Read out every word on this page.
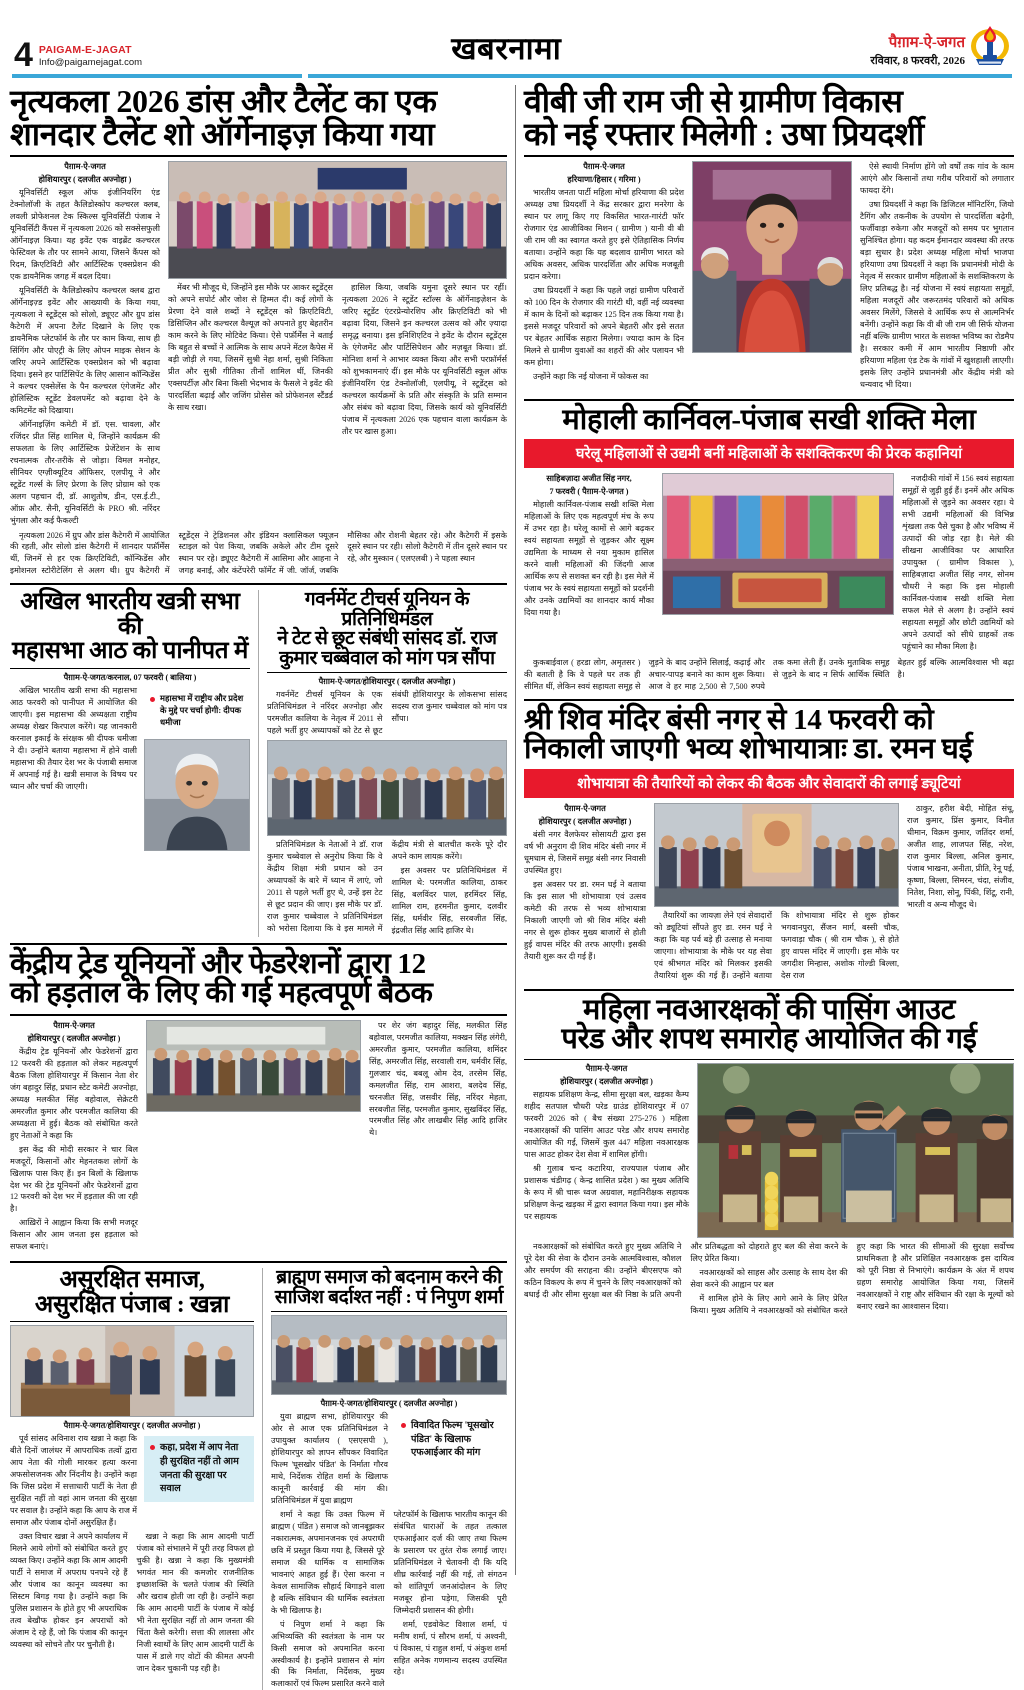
4 PAIGAM-E-JAGAT
Info@paigamejagat.com	खबरनामा	पैग़ाम-ऐ-जगत
रविवार, 8 फरवरी, 2026
नृत्यकला 2026 डांस और टैलेंट का एक
शानदार टैलेंट शो ऑर्गेनाइज़ किया गया
पैग़ाम-ऐ-जगत
होशियारपुर ( दलजीत अज्नोहा )
यूनिवर्सिटी स्कूल ऑफ इंजीनियरिंग एंड टेक्नोलॉजी के तहत कैलिडोस्कोप कल्चरल क्लब, लवली प्रोफेशनल टेक स्किल्स यूनिवर्सिटी पंजाब ने यूनिवर्सिटी कैंपस में नृत्यकला 2026 को सक्सेसफुली ऑर्गेनाइज़ किया। यह इवेंट एक वाइब्रेंट कल्चरल फेस्टिवल के तौर पर सामने आया, जिसने कैंपस को रिदम, क्रिएटिविटी और आर्टिस्टिक एक्सप्रेशन की एक डायनैमिक जगह में बदल दिया।
यूनिवर्सिटी के कैलिडोस्कोप कल्चरल क्लब द्वारा ऑर्गेनाइज़्ड इवेंट और आख्यायी के किया गया, नृत्यकला ने स्टूडेंट्स को सोलो, ड्यूएट और ग्रुप डांस कैटेगरी में अपना टैलेंट दिखाने के लिए एक डायनैमिक प्लेटफॉर्म के तौर पर काम किया, साथ ही सिंगिंग और पोएट्री के लिए ओपन माइक सेशन के जरिए अपने आर्टिस्टिक एक्सप्रेशन को भी बढ़ावा दिया। इसने हर पार्टिसिपेंट के लिए आसान कॉन्फिडेंस ने कल्चर एक्सेलेंस के पैन कल्चरल एंगेजमेंट और होलिस्टिक स्टूडेंट डेवलपमेंट को बढ़ावा देने के कमिटमेंट को दिखाया।
ऑर्गेनाइज़िंग कमेटी में डॉ. एस. चावला, और रजिंदर प्रीत सिंह शामिल थे, जिन्होंने कार्यक्रम की सफलता के लिए आर्टिस्टिक प्रेजेंटेशन के साथ रचनात्मक तौर-तरीके से जोड़ा। विमल मनोहर, सीनियर एग्ज़ीक्यूटिव ऑफिसर, एलपीयू ने और स्टूडेंट गर्ल्स के लिए प्रेरणा के लिए प्रोग्राम को एक अलग पहचान दी, डॉ. आशुतोष, डीन, एस.ई.टी., ऑफ़ और. सैनी, यूनिवर्सिटी के PRO श्री. नरिंदर भुंगला और कई फैकल्टी
मेंबर भी मौजूद थे, जिन्होंने इस मौके पर आकर स्टूडेंट्स को अपने सपोर्ट और जोश से हिम्मत दी। कई लोगों के प्रेरणा देने वाले शब्दों ने स्टूडेंट्स को क्रिएटिविटी, डिसिप्लिन और कल्चरल वैल्यूज़ को अपनाते हुए बेहतरीन काम करने के लिए मोटिवेट किया। ऐसे पर्फ़ॉर्मेंस ने बताई कि बहुत से बच्चों ने आत्मिक के साथ अपने मेंटल कैपेस में बड़ी जोड़ी ले गया, जिसमें सुश्री नेहा शर्मा, सुश्री निकिता प्रीत और सुश्री गीतिका तीनों शामिल थीं, जिनकी एक्सपर्टीज़ और बिना किसी भेदभाव के फैसले ने इवेंट की पारदर्शिता बढ़ाई और जजिंग प्रोसेस को प्रोफेशनल स्टैंडर्ड के साथ रखा।
हासिल किया, जबकि यमुना दूसरे स्थान पर रहीं। नृत्यकला 2026 ने स्टूडेंट स्टॉल्स के ऑर्गेनाइज़ेशन के जरिए स्टूडेंट एंटरप्रेन्योरशिप और क्रिएटिविटी को भी बढ़ावा दिया, जिसने इन कल्चरल उत्सव को और ज़्यादा समृद्ध बनाया। इस इनिशिएटिव ने इवेंट के दौरान स्टूडेंट्स के एंगेजमेंट और पार्टिसिपेशन और मज़बूत किया। डॉ. मोनिशा शर्मा ने आभार व्यक्त किया और सभी परफ़ॉर्मर्स को शुभकामनाएं दीं। इस मौके पर यूनिवर्सिटी स्कूल ऑफ इंजीनियरिंग एंड टेक्नोलॉजी, एलपीयू, ने स्टूडेंट्स को कल्चरल कार्यक्रमों के प्रति और संस्कृति के प्रति सम्मान और संबंध को बढ़ावा दिया, जिसके कार्य को यूनिवर्सिटी पंजाब में नृत्यकला 2026 एक पहचान वाला कार्यक्रम के तौर पर खास हुआ।
नृत्यकला 2026 में ग्रुप और डांस कैटेगरी में आयोजित की रहती, और सोलो डांस कैटेगरी में शानदार पर्फ़ॉर्मेंस थीं, जिनमें से हर एक क्रिएटिविटी, कॉन्फिडेंस और इमोशनल स्टोरीटेलिंग से अलग थी। ग्रुप कैटेगरी में स्टूडेंट्स ने ट्रेडिशनल और इंडियन क्लासिकल फ्यूज़न स्टाइल को पेश किया, जबकि अकेले और टीम दूसरे स्थान पर रहे। ड्यूएट कैटेगरी में आसिमा और आहना ने जगह बनाई, और कंटेंपरेरी फॉर्मेट में जी. जॉर्ज, जबकि मौसिका और रोशनी बेहतर रहे। और कैटेगरी में इसके दूसरे स्थान पर रही। सोलो कैटेगरी में तीन दूसरे स्थान पर रहे, और मुस्कान ( एलएलबी ) ने पहला स्थान
अखिल भारतीय खत्री सभा की
महासभा आठ को पानीपत में
पैग़ाम-ऐ-जगत/करनाल, 07 फरवरी ( बालिया )
अखिल भारतीय खत्री सभा की महासभा आठ फरवरी को पानीपत में आयोजित की जाएगी। इस महासभा की अध्यक्षता राष्ट्रीय अध्यक्ष शेखर किरपाल करेंगे। यह जानकारी करनाल इकाई के संरक्षक श्री दीपक धमीजा ने दी। उन्होंने बताया महासभा में होने वाली महासभा की तैयार देश भर के पंजाबी समाज में अपनाई गई है। खत्री समाज के विषय पर ध्यान और चर्चा की जाएगी।
महासभा में राष्ट्रीय और प्रदेश के मुद्दे पर चर्चा होगी: दीपक धमीजा
गवर्नमेंट टीचर्स यूनियन के प्रतिनिधिमंडल
ने टेट से छूट संबंधी सांसद डॉ. राज
कुमार चब्बेवाल को मांग पत्र सौंपा
पैग़ाम-ऐ-जगत/होशियारपुर ( दलजीत अज्नोहा )
गवर्नमेंट टीचर्स यूनियन के एक प्रतिनिधिमंडल ने नरिंदर अज्नोहा और परमजीत कालिया के नेतृत्व में 2011 से पहले भर्ती हुए अध्यापकों को टेट से छूट संबंधी होशियारपुर के लोकसभा सांसद सदस्य राज कुमार चब्बेवाल को मांग पत्र सौंपा।
प्रतिनिधिमंडल के नेताओं ने डॉ. राज कुमार चब्बेवाल से अनुरोध किया कि वे केंद्रीय शिक्षा मंत्री प्रधान को उन अध्यापकों के बारे में ध्यान में लाएं, जो 2011 से पहले भर्ती हुए थे, उन्हें इस टेट से छूट प्रदान की जाए। इस मौके पर डॉ. राज कुमार चब्बेवाल ने प्रतिनिधिमंडल को भरोसा दिलाया कि वे इस मामले में केंद्रीय मंत्री से बातचीत करके पूरे दौर अपने काम लायक़ करेंगे।
इस अवसर पर प्रतिनिधिमंडल में शामिल थे: परमजीत कालिया, ठाकर सिंह, बलविंदर पाल, हरमिंदर सिंह, शामिल राम, हरमनीत कुमार, दलवीर सिंह, धर्मवीर सिंह, सरबजीत सिंह, इंद्रजीत सिंह आदि हाजिर थे।
केंद्रीय ट्रेड यूनियनों और फेडरेशनों द्वारा 12
को हड़ताल के लिए की गई महत्वपूर्ण बैठक
पैग़ाम-ऐ-जगत
होशियारपुर ( दलजीत अज्नोहा )
केंद्रीय ट्रेड यूनियनों और फेडरेशनों द्वारा 12 फरवरी की हड़ताल को लेकर महत्वपूर्ण बैठक जिला होशियारपुर में किसान नेता शेर जंग बहादुर सिंह, प्रधान स्टेट कमेटी अज्नोहा, अध्यक्ष मलकीत सिंह बहोवाल, सेक्रेटरी अमरजीत कुमार और परमजीत कालिया की अध्यक्षता में हुई। बैठक को संबोधित करते हुए नेताओं ने कहा कि
इस केंद्र की मोदी सरकार ने चार बिल मजदूरों, किसानों और मेहनतकश लोगों के खिलाफ पास किए हैं। इन बिलों के खिलाफ देश भर की ट्रेड यूनियनों और फेडरेशनों द्वारा 12 फरवरी को देश भर में हड़ताल की जा रही है।
आख़िरों ने आह्वान किया कि सभी मजदूर किसान और आम जनता इस हड़ताल को सफल बनाएं।
पर शेर जंग बहादुर सिंह, मलकीत सिंह बहोवाल, परमजीत कालिया, मक्खन सिंह लंगेरी, अमरजीत कुमार, परमजीत कालिया, शमिंदर सिंह, अमरजीत सिंह, सरवाली राम, धर्मवीर सिंह, गुलजार चंद, बबलू ओम देव, तरसेम सिंह, कमलजीत सिंह, राम आशरा, बलदेव सिंह, चरनजीत सिंह, जसवीर सिंह, नरिंदर मेहता, सरबजीत सिंह, परमजीत कुमार, सुखविंदर सिंह, परमजीत सिंह और लाखबीर सिंह आदि हाजिर थे।
असुरक्षित समाज,
असुरक्षित पंजाब : खन्ना
पैग़ाम-ऐ-जगत/होशियारपुर ( दलजीत अज्नोहा )
पूर्व सांसद अविनाश राय खन्ना ने कहा कि बीते दिनों जालंधर में आपराधिक तत्वों द्वारा आप नेता की गोली मारकर हत्या करना अफसोसजनक और निंदनीय है। उन्होंने कहा कि जिस प्रदेश में सत्ताधारी पार्टी के नेता ही सुरक्षित नहीं तो वहां आम जनता की सुरक्षा पर सवाल है। उन्होंने कहा कि आप के राज में समाज और पंजाब दोनों असुरक्षित हैं।
कहा, प्रदेश में आप नेता ही सुरक्षित नहीं तो आम जनता की सुरक्षा पर सवाल
उक्त विचार खन्ना ने अपने कार्यालय में मिलने आये लोगों को संबोधित करते हुए व्यक्त किए। उन्होंने कहा कि आम आदमी पार्टी ने समाज में अपराध पनपने रहे हैं और पंजाब का कानून व्यवस्था का सिस्टम बिगड़ गया है। उन्होंने कहा कि पुलिस प्रशासन के होते हुए भी अपराधिक तत्व बेखौफ होकर इन अपराधों को अंजाम दे रहे हैं, जो कि पंजाब की कानून व्यवस्था को सोचने तौर पर चुनौती है।
खन्ना ने कहा कि आम आदमी पार्टी पंजाब को संभालने में पूरी तरह विफल हो चुकी है। खन्ना ने कहा कि मुख्यमंत्री भगवंत मान की कमजोर राजनीतिक इच्छाशक्ति के चलते पंजाब की स्थिति और खराब होती जा रही है। उन्होंने कहा कि आम आदमी पार्टी के पंजाब में कोई भी नेता सुरक्षित नहीं तो आम जनता की चिंता कैसे करेगी। सत्ता की लालसा और निजी स्वार्थों के लिए आम आदमी पार्टी के पास में डाले गए वोटों की कीमत अपनी जान देकर चुकानी पड़ रही है।
ब्राह्मण समाज को बदनाम करने की
साजिश बर्दाश्त नहीं : पं निपुण शर्मा
पैग़ाम-ऐ-जगत/होशियारपुर ( दलजीत अज्नोहा )
युवा ब्राह्मण सभा, होशियारपुर की ओर से आज एक प्रतिनिधिमंडल ने उपायुक्त कार्यालय ( एसएसपी ), होशियारपुर को ज्ञापन सौंपकर विवादित फिल्म 'घूसखोर पंडित' के निर्माता गौरव माथे, निर्देशक रोहित शर्मा के खिलाफ कानूनी कार्रवाई की मांग की। प्रतिनिधिमंडल में युवा ब्राह्मण
विवादित फिल्म 'घूसखोर पंडित' के खिलाफ एफआईआर की मांग
शर्मा ने कहा कि उक्त फिल्म में ब्राह्मण ( पंडित ) समाज को जानबूझकर नकारात्मक, अपमानजनक एवं अपराधी छवि में प्रस्तुत किया गया है, जिससे पूरे समाज की धार्मिक व सामाजिक भावनाएं आहत हुई हैं। ऐसा करना न केवल सामाजिक सौहार्द बिगाड़ने वाला है बल्कि संविधान की धार्मिक स्वतंत्रता के भी खिलाफ है।
पं निपुण शर्मा ने कहा कि अभिव्यक्ति की स्वतंत्रता के नाम पर किसी समाज को अपमानित करना अस्वीकार्य है। इन्होंने प्रशासन से मांग की कि निर्माता, निर्देशक, मुख्य कलाकारों एवं फिल्म प्रसारित करने वाले प्लेटफॉर्म के खिलाफ भारतीय कानून की संबंधित धाराओं के तहत तत्काल एफआईआर दर्ज की जाए तथा फिल्म के प्रसारण पर तुरंत रोक लगाई जाए। प्रतिनिधिमंडल ने चेतावनी दी कि यदि शीघ्र कार्रवाई नहीं की गई, तो संगठन को शांतिपूर्ण जनआंदोलन के लिए मजबूर होना पड़ेगा, जिसकी पूरी जिम्मेदारी प्रशासन की होगी।
शर्मा, एडवोकेट विशाल शर्मा, पं मनीष शर्मा, पं सौरभ शर्मा, पं अश्वनी, पं विकास, पं राहुल शर्मा, पं अंकुश शर्मा सहित अनेक गणमान्य सदस्य उपस्थित रहे।
वीबी जी राम जी से ग्रामीण विकास
को नई रफ्तार मिलेगी : उषा प्रियदर्शी
पैग़ाम-ऐ-जगत
हरियाणा/हिसार ( गरिमा )
भारतीय जनता पार्टी महिला मोर्चा हरियाणा की प्रदेश अध्यक्ष उषा प्रियदर्शी ने केंद्र सरकार द्वारा मनरेगा के स्थान पर लागू किए गए विकसित भारत-गारंटी फॉर रोजगार एंड आजीविका मिशन ( ग्रामीण ) यानी वी बी जी राम जी का स्वागत करते हुए इसे ऐतिहासिक निर्णय बताया। उन्होंने कहा कि यह बदलाव ग्रामीण भारत को अधिक अवसर, अधिक पारदर्शिता और अधिक मजबूती प्रदान करेगा।
उषा प्रियदर्शी ने कहा कि पहले जहां ग्रामीण परिवारों को 100 दिन के रोजगार की गारंटी थी, वहीं नई व्यवस्था में काम के दिनों को बढ़ाकर 125 दिन तक किया गया है। इससे मजदूर परिवारों को अपने बेहतरी और इसे सतत पर बेहतर आर्थिक सहारा मिलेगा। ज्यादा काम के दिन मिलने से ग्रामीण युवाओं का शहरों की ओर पलायन भी कम होगा।
उन्होंने कहा कि नई योजना में फोकस का
ऐसे स्थायी निर्माण होंगे जो वर्षों तक गांव के काम आएंगे और किसानों तथा गरीब परिवारों को लगातार फायदा देंगे।
उषा प्रियदर्शी ने कहा कि डिजिटल मॉनिटरिंग, जियो टैगिंग और तकनीक के उपयोग से पारदर्शिता बढ़ेगी, फर्जीवाड़ा रुकेगा और मजदूरों को समय पर भुगतान सुनिश्चित होगा। यह कदम ईमानदार व्यवस्था की तरफ बड़ा सुधार है। प्रदेश अध्यक्ष महिला मोर्चा भाजपा हरियाणा उषा प्रियदर्शी ने कहा कि प्रधानमंत्री मोदी के नेतृत्व में सरकार ग्रामीण महिलाओं के सशक्तिकरण के लिए प्रतिबद्ध है। नई योजना में स्वयं सहायता समूहों, महिला मजदूरों और जरूरतमंद परिवारों को अधिक अवसर मिलेंगे, जिससे वे आर्थिक रूप से आत्मनिर्भर बनेंगी। उन्होंने कहा कि वी बी जी राम जी सिर्फ योजना नहीं बल्कि ग्रामीण भारत के सशक्त भविष्य का रोडमैप है। सरकार कमी में आम भारतीय निष्ठाणी और हरियाणा महिला एंड टेक के गांवों में खुशहाली लाएगी। इसके लिए उन्होंने प्रधानमंत्री और केंद्रीय मंत्री को धन्यवाद भी दिया।
मोहाली कार्निवल-पंजाब सखी शक्ति मेला
घरेलू महिलाओं से उद्यमी बनीं महिलाओं के सशक्तिकरण की प्रेरक कहानियां
साहिबज़ादा अजीत सिंह नगर,
7 फरवरी ( पैग़ाम-ऐ-जगत )
मोहाली कार्निवल-पंजाब सखी शक्ति मेला महिलाओं के लिए एक महत्वपूर्ण मंच के रूप में उभर रहा है। घरेलू कामों से आगे बढ़कर स्वयं सहायता समूहों से जुड़कर और सूक्ष्म उद्यमिता के माध्यम से नया मुकाम हासिल करने वाली महिलाओं की जिंदगी आज आर्थिक रूप से सशक्त बन रही है। इस मेले में पंजाब भर के स्वयं सहायता समूहों को प्रदर्शनी और उनके उद्यमियों का शानदार कार्य मौका दिया गया है।
नजदीकी गांवों में 156 स्वयं सहायता समूहों से जुड़ी हुई हैं। इनमें और अधिक महिलाओं से जुड़ने का अवसर रहा। ये सभी उद्यमी महिलाओं की विभिन्न शृंखला तक पैसे चुका है और भविष्य में उत्पादों की जोड़ रहा है। मेले की सीखना आजीविका पर आधारित उपायुक्त ( ग्रामीण विकास ), साहिबज़ादा अजीत सिंह नगर, सोनम चौधरी ने कहा कि इस मोहाली कार्निवल-पंजाब सखी शक्ति मेला सफल मेले से अलग है। उन्होंने स्वयं सहायता समूहों और छोटी उद्यमियों को अपने उत्पादों को सीधे ग्राहकों तक पहुंचाने का मौका मिला है।
कुकबाईवाल ( हरडा लोग, अमृतसर ) की बताती है कि वे पहले घर तक ही सीमित थीं, लेकिन स्वयं सहायता समूह से जुड़ने के बाद उन्होंने सिलाई, कढ़ाई और अचार-पापड़ बनाने का काम शुरू किया। आज वे हर माह 2,500 से 7,500 रुपये तक कमा लेती हैं। उनके मुताबिक समूह से जुड़ने के बाद न सिर्फ आर्थिक स्थिति बेहतर हुई बल्कि आत्मविश्वास भी बढ़ा है।
श्री शिव मंदिर बंसी नगर से 14 फरवरी को
निकाली जाएगी भव्य शोभायात्राः डा. रमन घई
शोभायात्रा की तैयारियों को लेकर की बैठक और सेवादारों की लगाई ड्यूटियां
पैग़ाम-ऐ-जगत
होशियारपुर ( दलजीत अज्नोहा )
बंसी नगर वैलफेयर सोसायटी द्वारा इस वर्ष भी अनुराग दी शिव मंदिर बंसी नगर में धूमधाम से, जिसमें समूह बंसी नगर निवासी उपस्थित हुए।
इस अवसर पर डा. रमन घई ने बताया कि इस साल भी शोभायात्रा एवं उत्सव कमेटी की तरफ से भव्य शोभायात्रा निकाली जाएगी जो श्री शिव मंदिर बंसी नगर से शुरू होकर मुख्य बाजारों से होती हुई वापस मंदिर की तरफ आएगी। इसकी तैयारी शुरू कर दी गई हैं।
तैयारियों का जायज़ा लेने एवं सेवादारों को ड्यूटियां सौंपते हुए डा. रमन घई ने कहा कि यह पर्व बड़े ही उत्साह से मनाया जाएगा। शोभायात्रा के मौके पर यह सेवा एवं श्रीभगत मंदिर को मिलकर इसकी तैयारियां शुरू की गई हैं। उन्होंने बताया कि शोभायात्रा मंदिर से शुरू होकर भगवानपुरा, सैंजन मार्ग, बस्सी चौक, फगवाड़ा चौक ( श्री राम चौक ), से होते हुए वापस मंदिर में जाएगी। इस मौके पर जगदीश मिन्हास, अशोक गोल्डी बिल्ला, देस राज
ठाकुर, हरीश बेदी, मोहित संधू, राज कुमार, प्रिंस कुमार, विनीत धीमान, विक्रम कुमार, जतिंदर शर्मा, अजीत शाह, लाजपत सिंह, नरेश, राज कुमार बिल्ला, अनिल कुमार, पंजाब भाखना, अनीता, प्रीति, रेनू पई, कृष्णा, बिल्ला, सिमरन, चंदा, संजीव, नितेश, निशा, सोनू, पिंकी, शिंटू, रानी, भारती व अन्य मौजूद थे।
महिला नवआरक्षकों की पासिंग आउट
परेड और शपथ समारोह आयोजित की गई
पैग़ाम-ऐ-जगत
होशियारपुर ( दलजीत अज्नोहा )
सहायक प्रशिक्षण केन्द्र, सीमा सुरक्षा बल, खड़का कैम्प शहीद सतपाल चौधरी परेड ग्राउंड होशियारपुर में 07 फरवरी 2026 को ( बैच संख्या 275-276 ) महिला नवआरक्षकों की पासिंग आउट परेड और शपथ समारोह आयोजित की गई, जिसमें कुल 447 महिला नवआरक्षक पास आउट होकर देश सेवा में शामिल होंगी।
श्री गुलाब चन्द कटारिया, राज्यपाल पंजाब और प्रशासक चंडीगढ़ ( केन्द्र शासित प्रदेश ) का मुख्य अतिथि के रूप में श्री चारू ध्वज अग्रवाल, महानिरीक्षक सहायक प्रशिक्षण केन्द्र खड़का में द्वारा स्वागत किया गया। इस मौके पर सहायक
नवआरक्षकों को संबोधित करते हुए मुख्य अतिथि ने पूरे देश की सेवा के दौरान उनके आत्मविश्वास, कौशल और समर्पण की सराहना की। उन्होंने बीएसएफ को कठिन विकल्प के रूप में चुनने के लिए नवआरक्षकों को बधाई दी और सीमा सुरक्षा बल की निष्ठा के प्रति अपनी और प्रतिबद्धता को दोहराते हुए बल की सेवा करने के लिए प्रेरित किया।
नवआरक्षकों को साहस और उत्साह के साथ देश की सेवा करने की आह्वान पर बल
में शामिल होने के लिए आगे आने के लिए प्रेरित किया। मुख्य अतिथि ने नवआरक्षकों को संबोधित करते हुए कहा कि भारत की सीमाओं की सुरक्षा सर्वोच्च प्राथमिकता है और प्रशिक्षित नवआरक्षक इस दायित्व को पूरी निष्ठा से निभाएंगे। कार्यक्रम के अंत में शपथ ग्रहण समारोह आयोजित किया गया, जिसमें नवआरक्षकों ने राष्ट्र और संविधान की रक्षा के मूल्यों को बनाए रखने का आश्वासन दिया।
